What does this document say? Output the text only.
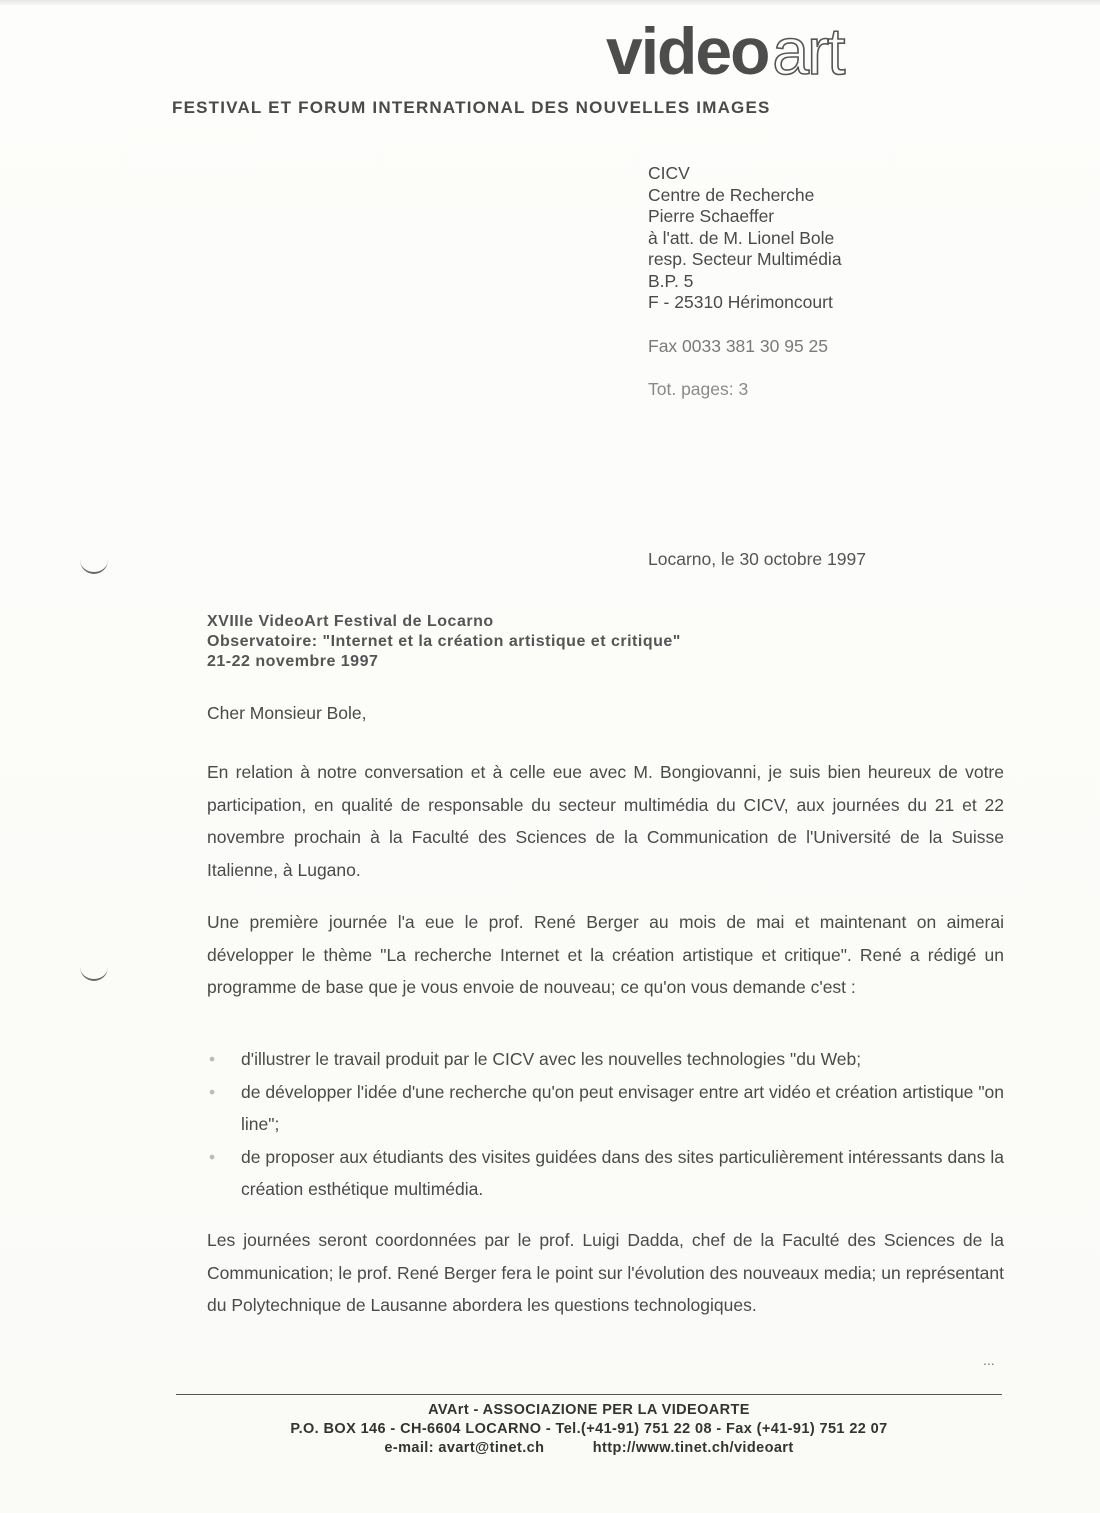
videoart
FESTIVAL ET FORUM INTERNATIONAL DES NOUVELLES IMAGES
CICV
Centre de Recherche
Pierre Schaeffer
à l'att. de M. Lionel Bole
resp. Secteur Multimédia
B.P. 5
F - 25310 Hérimoncourt
Fax 0033 381 30 95 25
Tot. pages: 3
Locarno, le 30 octobre 1997
XVIIIe VideoArt Festival de Locarno
Observatoire: "Internet et la création artistique et critique"
21-22 novembre 1997
Cher Monsieur Bole,
En relation à notre conversation et à celle eue avec M. Bongiovanni, je suis bien heureux de votre participation, en qualité de responsable du secteur multimédia du CICV, aux journées du 21 et 22 novembre prochain à la Faculté des Sciences de la Communication de l'Université de la Suisse Italienne, à Lugano.
Une première journée l'a eue le prof. René Berger au mois de mai et maintenant on aimerai développer le thème "La recherche Internet et la création artistique et critique". René a rédigé un programme de base que je vous envoie de nouveau; ce qu'on vous demande c'est :
• d'illustrer le travail produit par le CICV avec les nouvelles technologies "du Web;
• de développer l'idée d'une recherche qu'on peut envisager entre art vidéo et création artistique "on line";
• de proposer aux étudiants des visites guidées dans des sites particulièrement intéressants dans la création esthétique multimédia.
Les journées seront coordonnées par le prof. Luigi Dadda, chef de la Faculté des Sciences de la Communication; le prof. René Berger fera le point sur l'évolution des nouveaux media; un représentant du Polytechnique de Lausanne abordera les questions technologiques.
...
AVArt - ASSOCIAZIONE PER LA VIDEOARTE
P.O. BOX 146 - CH-6604 LOCARNO - Tel.(+41-91) 751 22 08 - Fax (+41-91) 751 22 07
e-mail: avart@tinet.ch	http://www.tinet.ch/videoart
